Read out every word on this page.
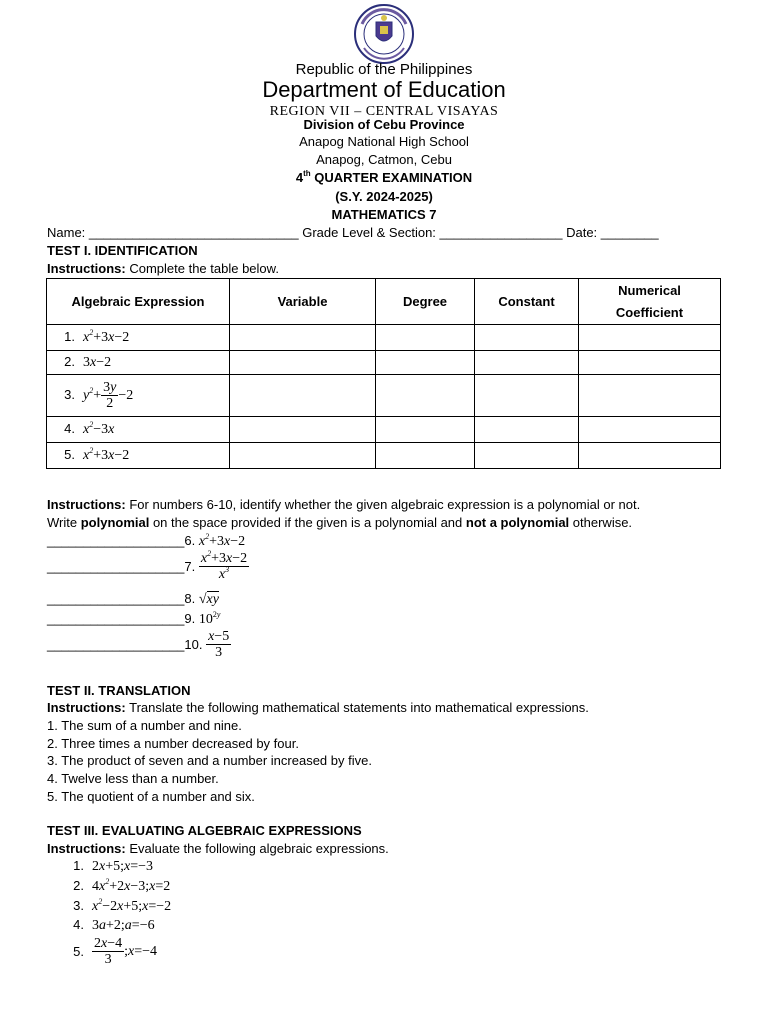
Republic of the Philippines
Department of Education
REGION VII – CENTRAL VISAYAS
Division of Cebu Province
Anapog National High School
Anapog, Catmon, Cebu
4th QUARTER EXAMINATION
(S.Y. 2024-2025)
MATHEMATICS 7
Name: _____________________________ Grade Level & Section: _________________ Date: ________
TEST I. IDENTIFICATION
Instructions: Complete the table below.
Algebraic Expression	Variable	Degree	Constant	Numerical
Coefficient

1. $x^2+3x-2$				
2. 3x−2				
3. $y^2+ \frac{3y}{2} -2$				
4. $x^2-3x$				
5. $x^2+3x-2$				
Instructions: For numbers 6-10, identify whether the given algebraic expression is a polynomial or not.
Write polynomial on the space provided if the given is a polynomial and not a polynomial otherwise.
___________________6. $x^2+3x-2$
___________________7. $\frac{x^2+3x-2}{x^3}$
___________________8. √xy
___________________9. $10^{2y}$
___________________10. $\frac{x-5}{3}$
TEST II. TRANSLATION
Instructions: Translate the following mathematical statements into mathematical expressions.
1. The sum of a number and nine.
2. Three times a number decreased by four.
3. The product of seven and a number increased by five.
4. Twelve less than a number.
5. The quotient of a number and six.
TEST III. EVALUATING ALGEBRAIC EXPRESSIONS
Instructions: Evaluate the following algebraic expressions.
1. 2x+5;x=−3
2. $4x^2+2x-3;x=2$
3. $x^2-2x+5;x=-2$
4. 3a+2;a=−6
5. $\frac{2x-4}{3}$ ;x=−4
